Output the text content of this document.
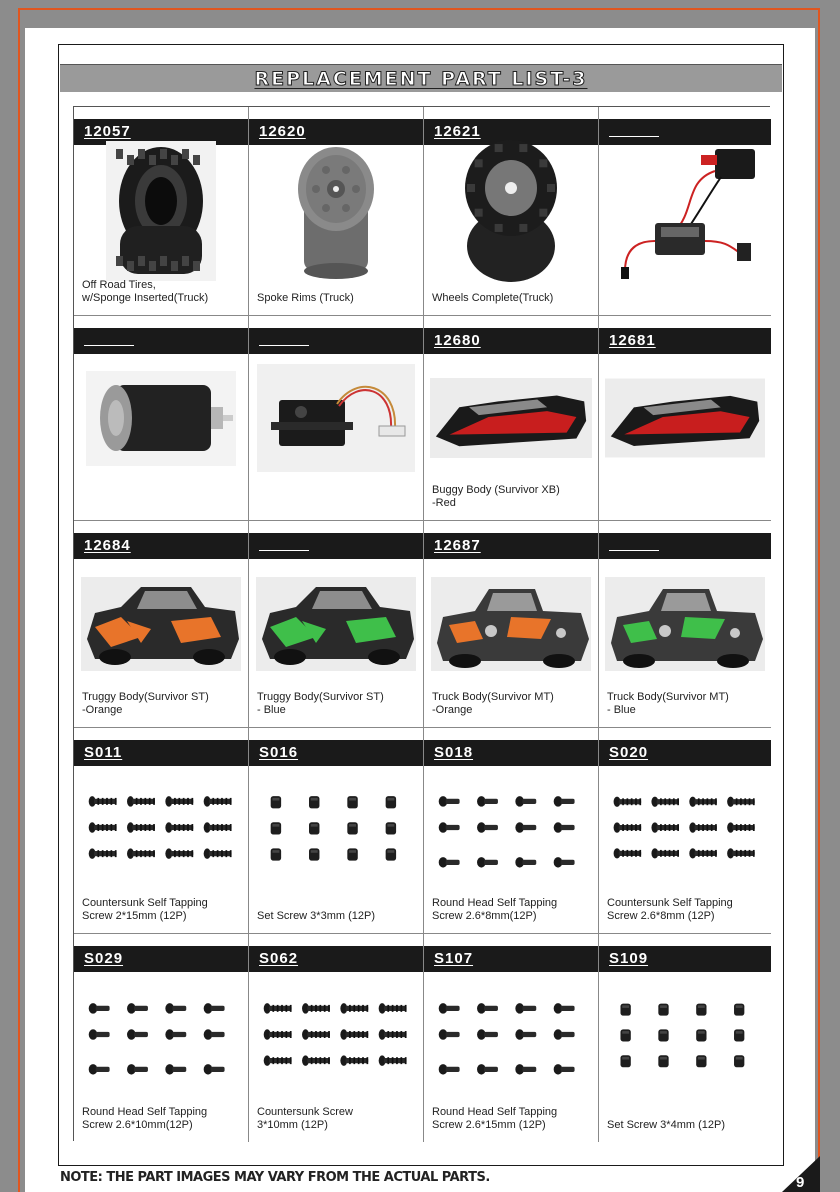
REPLACEMENT PART LIST-3
12057
Off Road Tires,
w/Sponge Inserted(Truck)
12620
Spoke Rims (Truck)
12621
Wheels Complete(Truck)
12680
Buggy Body (Survivor XB)
-Red
12681
12684
Truggy Body(Survivor ST)
-Orange
Truggy Body(Survivor ST)
- Blue
12687
Truck Body(Survivor MT)
-Orange
Truck Body(Survivor MT)
- Blue
S011
Countersunk Self Tapping
Screw 2*15mm (12P)
S016
Set Screw 3*3mm (12P)
S018
Round Head Self Tapping
Screw 2.6*8mm(12P)
S020
Countersunk Self Tapping
Screw 2.6*8mm (12P)
S029
Round Head Self Tapping
Screw 2.6*10mm(12P)
S062
Countersunk Screw
3*10mm (12P)
S107
Round Head Self Tapping
Screw 2.6*15mm (12P)
S109
Set Screw 3*4mm (12P)
NOTE: THE PART IMAGES MAY VARY FROM THE ACTUAL PARTS.	9
